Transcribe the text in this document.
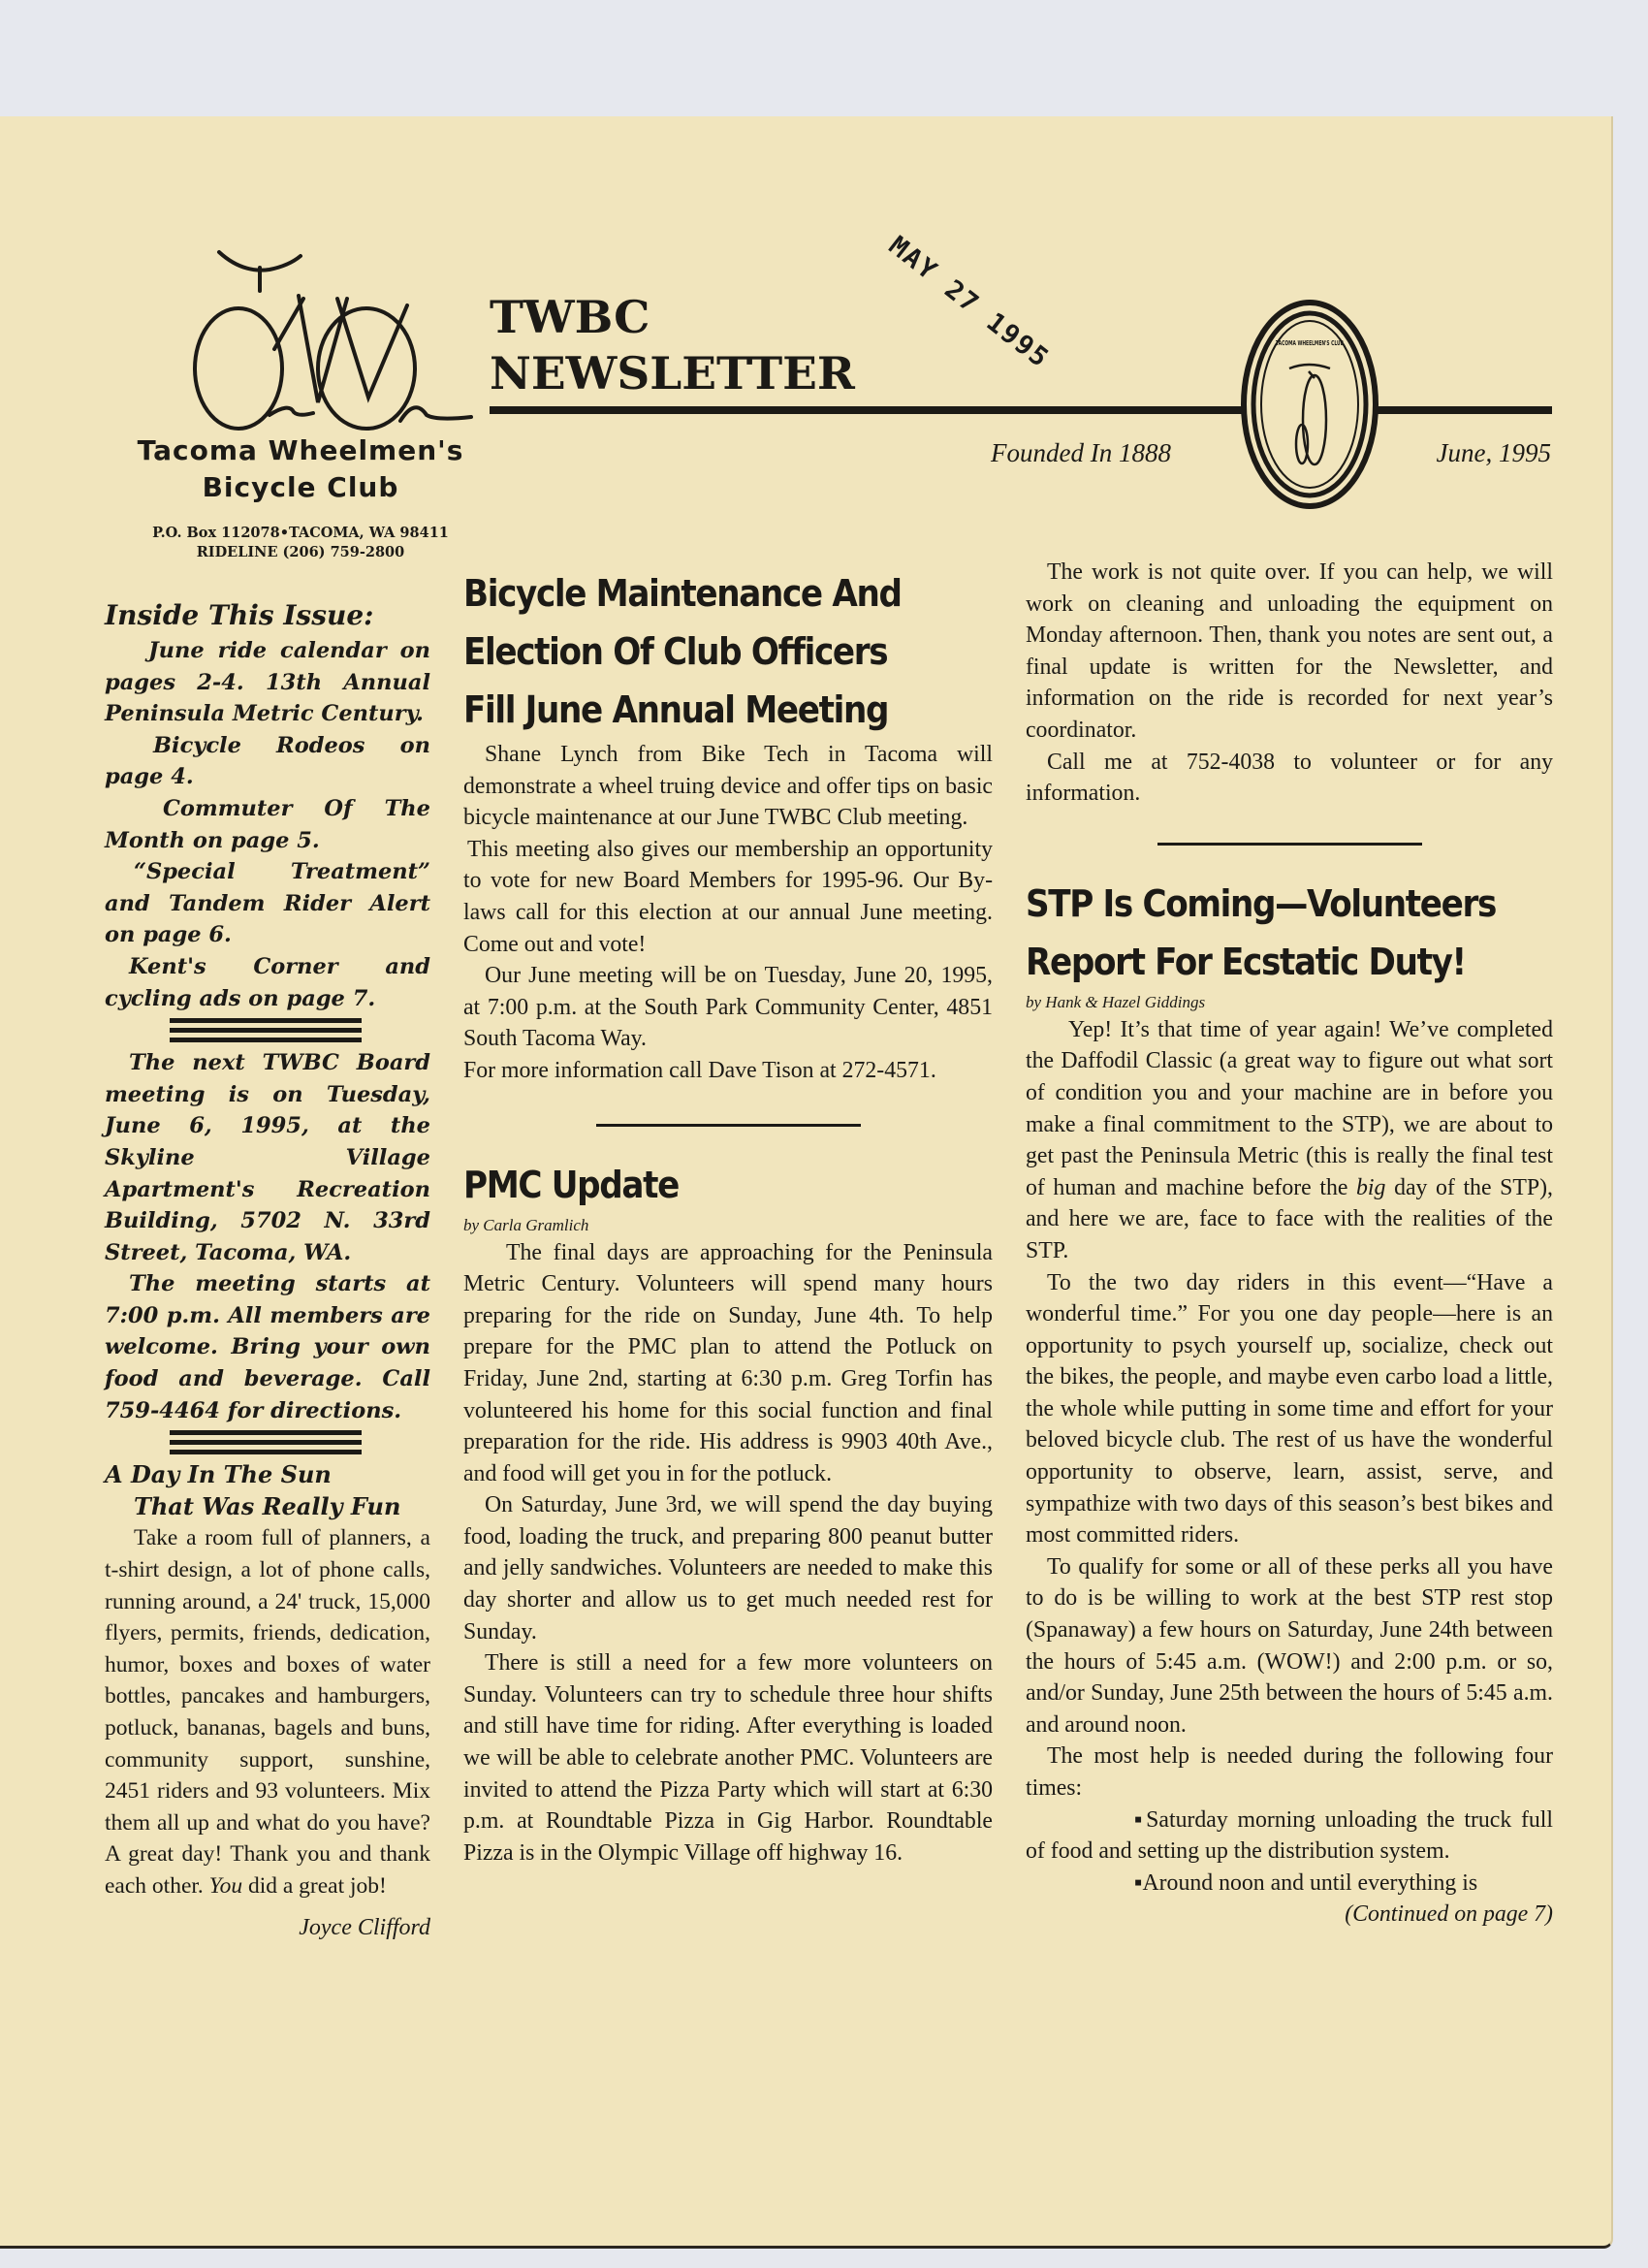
MAY 27 1995
Tacoma Wheelmen's
Bicycle Club
P.O. Box 112078•TACOMA, WA 98411
RIDELINE (206) 759-2800
TWBC
NEWSLETTER
Founded In 1888	June, 1995
TACOMA WHEELMEN'S CLUB
Inside This Issue:

June ride calendar on pages 2-4. 13th Annual Peninsula Metric Century.

Bicycle Rodeos on page 4.

Commuter Of The Month on page 5.

“Special Treatment” and Tandem Rider Alert on page 6.

Kent's Corner and cycling ads on page 7.

The next TWBC Board meeting is on Tuesday, June 6, 1995, at the Skyline Village Apartment's Recreation Building, 5702 N. 33rd Street, Tacoma, WA.

The meeting starts at 7:00 p.m. All members are welcome. Bring your own food and beverage. Call 759-4464 for directions.

A Day In The Sun
That Was Really Fun

Take a room full of planners, a t-shirt design, a lot of phone calls, running around, a 24' truck, 15,000 flyers, permits, friends, dedication, humor, boxes and boxes of water bottles, pancakes and hamburgers, potluck, bananas, bagels and buns, community support, sunshine, 2451 riders and 93 volunteers. Mix them all up and what do you have? A great day! Thank you and thank each other. You did a great job!

Joyce Clifford
Bicycle Maintenance And
Election Of Club Officers
Fill June Annual Meeting

Shane Lynch from Bike Tech in Tacoma will demonstrate a wheel truing device and offer tips on basic bicycle maintenance at our June TWBC Club meeting.

This meeting also gives our membership an opportunity to vote for new Board Members for 1995-96. Our By-laws call for this election at our annual June meeting. Come out and vote!

Our June meeting will be on Tuesday, June 20, 1995, at 7:00 p.m. at the South Park Community Center, 4851 South Tacoma Way.

For more information call Dave Tison at 272-4571.

PMC Update

by Carla Gramlich

The final days are approaching for the Peninsula Metric Century. Volunteers will spend many hours preparing for the ride on Sunday, June 4th. To help prepare for the PMC plan to attend the Potluck on Friday, June 2nd, starting at 6:30 p.m. Greg Torfin has volunteered his home for this social function and final preparation for the ride. His address is 9903 40th Ave., and food will get you in for the potluck.

On Saturday, June 3rd, we will spend the day buying food, loading the truck, and preparing 800 peanut butter and jelly sandwiches. Volunteers are needed to make this day shorter and allow us to get much needed rest for Sunday.

There is still a need for a few more volunteers on Sunday. Volunteers can try to schedule three hour shifts and still have time for riding. After everything is loaded we will be able to celebrate another PMC. Volunteers are invited to attend the Pizza Party which will start at 6:30 p.m. at Roundtable Pizza in Gig Harbor. Roundtable Pizza is in the Olympic Village off highway 16.

The work is not quite over. If you can help, we will work on cleaning and unloading the equipment on Monday afternoon. Then, thank you notes are sent out, a final update is written for the Newsletter, and information on the ride is recorded for next year’s coordinator.

Call me at 752-4038 to volunteer or for any information.

STP Is Coming—Volunteers
Report For Ecstatic Duty!

by Hank & Hazel Giddings

Yep! It’s that time of year again! We’ve completed the Daffodil Classic (a great way to figure out what sort of condition you and your machine are in before you make a final commitment to the STP), we are about to get past the Peninsula Metric (this is really the final test of human and machine before the big day of the STP), and here we are, face to face with the realities of the STP.

To the two day riders in this event—“Have a wonderful time.” For you one day people—here is an opportunity to psych yourself up, socialize, check out the bikes, the people, and maybe even carbo load a little, the whole while putting in some time and effort for your beloved bicycle club. The rest of us have the wonderful opportunity to observe, learn, assist, serve, and sympathize with two days of this season’s best bikes and most committed riders.

To qualify for some or all of these perks all you have to do is be willing to work at the best STP rest stop (Spanaway) a few hours on Saturday, June 24th between the hours of 5:45 a.m. (WOW!) and 2:00 p.m. or so, and/or Sunday, June 25th between the hours of 5:45 a.m. and around noon.

The most help is needed during the following four times:

▪ Saturday morning unloading the truck full of food and setting up the distribution system.

▪ Around noon and until everything is

(Continued on page 7)
